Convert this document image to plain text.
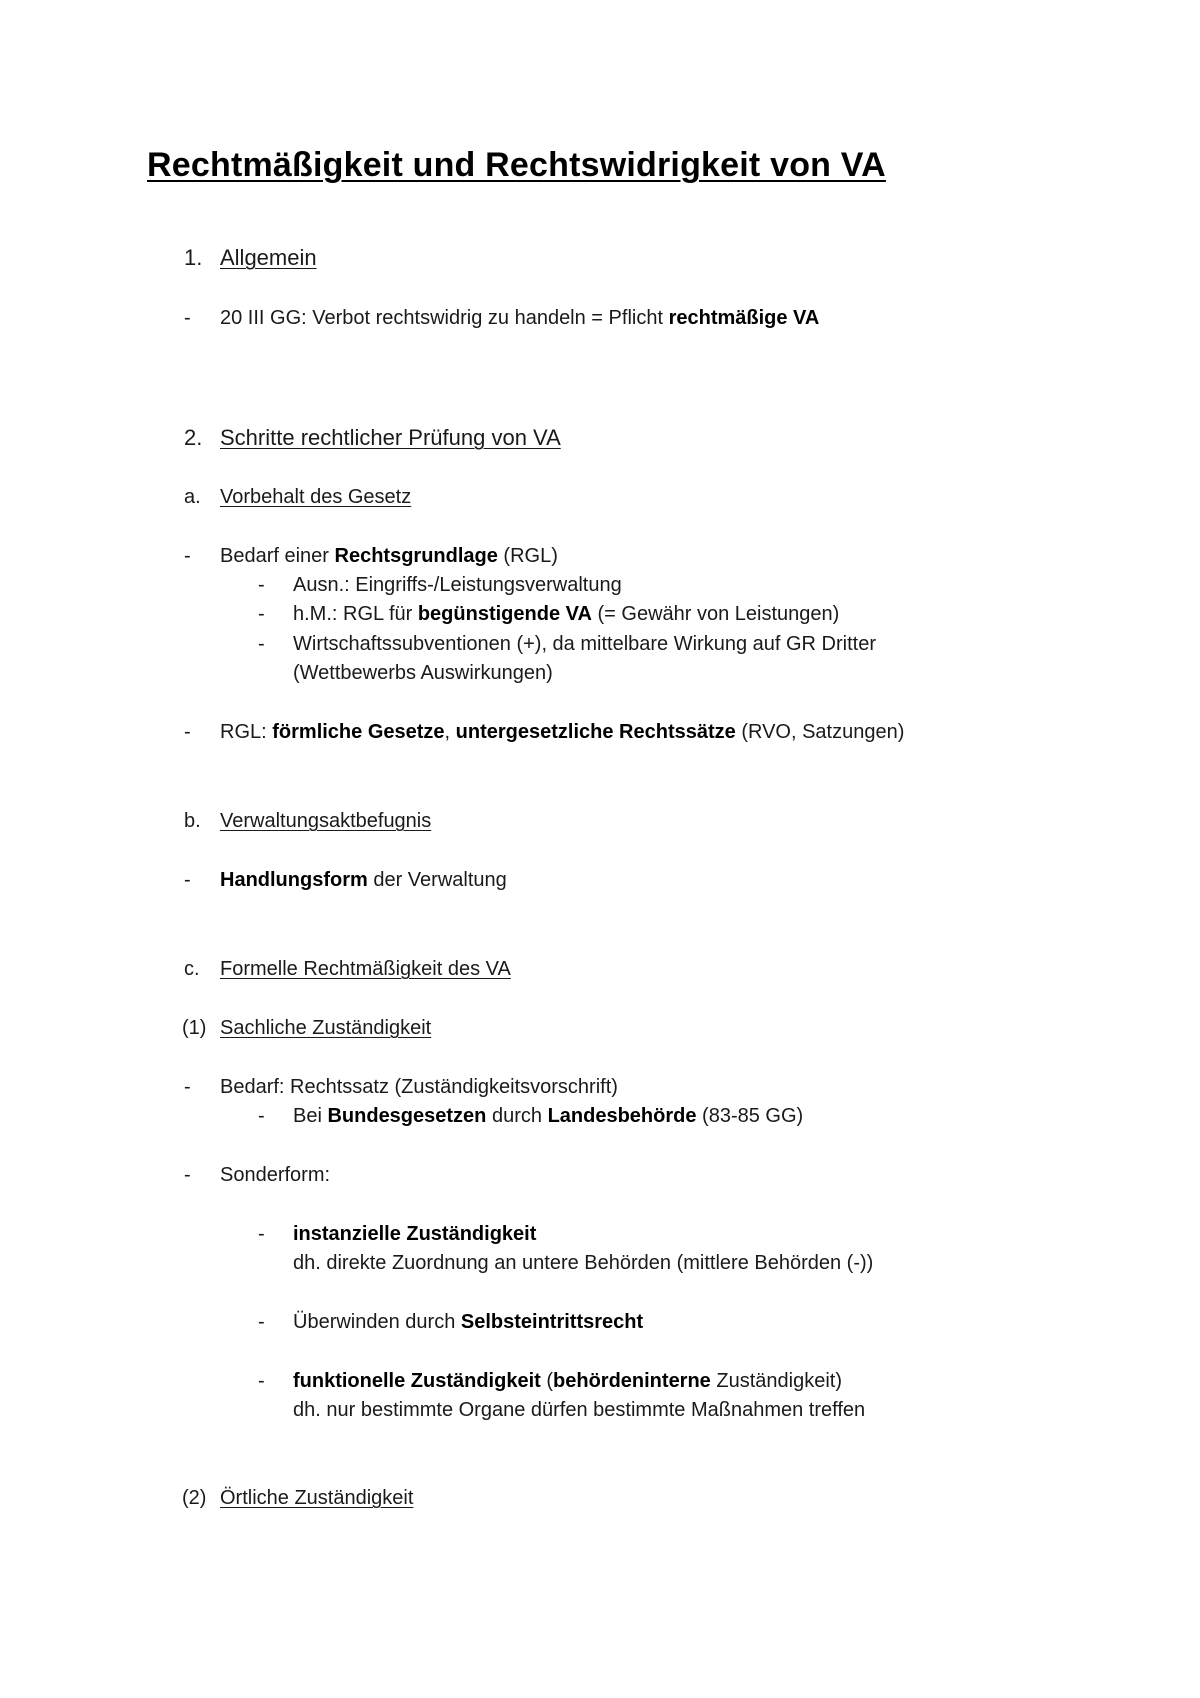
Rechtmäßigkeit und Rechtswidrigkeit von VA
1. Allgemein
- 20 III GG: Verbot rechtswidrig zu handeln = Pflicht rechtmäßige VA
2. Schritte rechtlicher Prüfung von VA
a. Vorbehalt des Gesetz
- Bedarf einer Rechtsgrundlage (RGL)
- Ausn.: Eingriffs-/Leistungsverwaltung
- h.M.: RGL für begünstigende VA (= Gewähr von Leistungen)
- Wirtschaftssubventionen (+), da mittelbare Wirkung auf GR Dritter
(Wettbewerbs Auswirkungen)
- RGL: förmliche Gesetze, untergesetzliche Rechtssätze (RVO, Satzungen)
b. Verwaltungsaktbefugnis
- Handlungsform der Verwaltung
c. Formelle Rechtmäßigkeit des VA
(1) Sachliche Zuständigkeit
- Bedarf: Rechtssatz (Zuständigkeitsvorschrift)
- Bei Bundesgesetzen durch Landesbehörde (83-85 GG)
- Sonderform:
- instanzielle Zuständigkeit
dh. direkte Zuordnung an untere Behörden (mittlere Behörden (-))
- Überwinden durch Selbsteintrittsrecht
- funktionelle Zuständigkeit (behördeninterne Zuständigkeit)
dh. nur bestimmte Organe dürfen bestimmte Maßnahmen treffen
(2) Örtliche Zuständigkeit
